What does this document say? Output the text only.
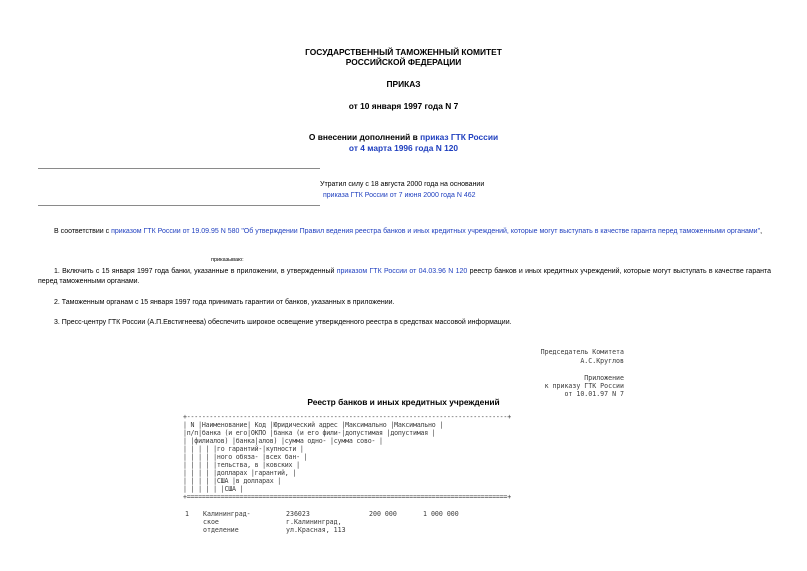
ГОСУДАРСТВЕННЫЙ ТАМОЖЕННЫЙ КОМИТЕТ
РОССИЙСКОЙ ФЕДЕРАЦИИ
ПРИКАЗ
от 10 января 1997 года N 7
О внесении дополнений в приказ ГТК России
от 4 марта 1996 года N 120
Утратил силу с 18 августа 2000 года на основании
приказа ГТК России от 7 июня 2000 года N 462
В соответствии с приказом ГТК России от 19.09.95 N 580 "Об утверждении Правил ведения реестра банков и иных кредитных учреждений, которые могут выступать в качестве гаранта перед таможенными органами",
приказываю:
1. Включить с 15 января 1997 года банки, указанные в приложении, в утвержденный приказом ГТК России от 04.03.96 N 120 реестр банков и иных кредитных учреждений, которые могут выступать в качестве гаранта перед таможенными органами.
2. Таможенным органам с 15 января 1997 года принимать гарантии от банков, указанных в приложении.
3. Пресс-центру ГТК России (А.П.Евстигнеева) обеспечить широкое освещение утвержденного реестра в средствах массовой информации.
Председатель Комитета
А.С.Круглов
Приложение
к приказу ГТК России
от 10.01.97 N 7
Реестр банков и иных кредитных учреждений
+-------------------------------------------------------------------------------------+
| N |Наименование| Код |Юридический адрес |Максимально |Максимально |
|п/п|банка (и его|ОКПО |банка (и его фили-|допустимая |допустимая |
| |филиалов) |банка|алов) |сумма одно- |сумма сово- |
| | | | |го гарантий-|купности |
| | | | |ного обяза- |всех бан- |
| | | | |тельства, в |ковских |
| | | | |долларах |гарантий, |
| | | | |США |в долларах |
| | | | | |США |
+=====================================================================================+
1 Калининград-
ское
отделение
236023
г.Калининград,
ул.Красная, 113
200 000	1 000 000
